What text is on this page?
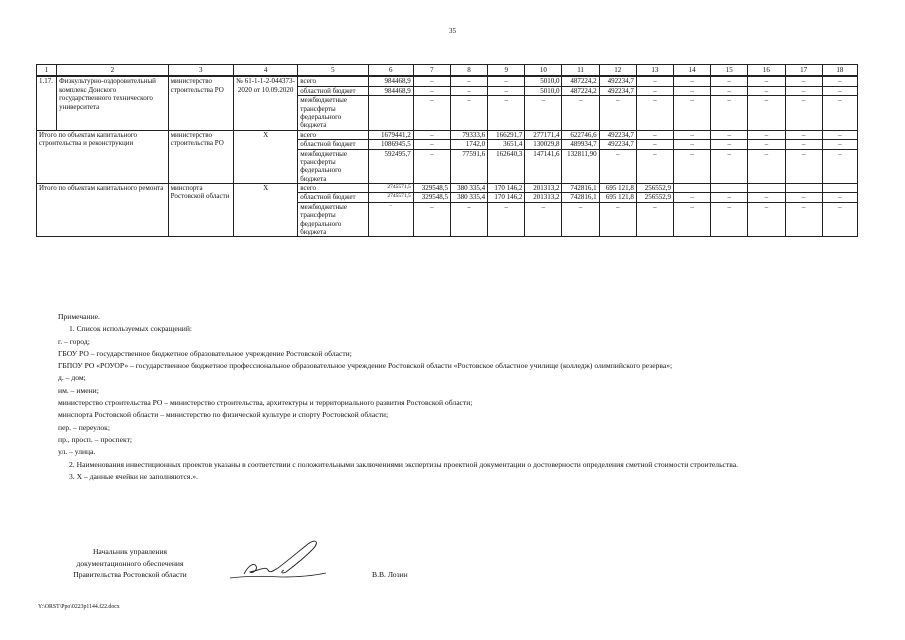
35
1	2	3	4	5	6	7	8	9	10	11	12	13	14	15	16	17	18
1.17.	Физкультурно-оздоровительный комплекс Донского государственного технического университета	министерство строительства РО	№ 61-1-1-2-044373-2020 от 10.09.2020	всего	984468,9	–	–	–	5010,0	487224,2	492234,7	–	–	–	–	–	–
				областной бюджет	984468,9	–	–	–	5010,0	487224,2	492234,7	–	–	–	–	–	–
				межбюджетные трансферты федерального бюджета		–	–	–	–	–	–	–	–	–	–	–	–
Итого по объектам капитального строительства и реконструкции		министерство строительства РО	X	всего	1679441,2	–	79333,6	166291,7	277171,4	622746,6	492234,7	–	–	–	–	–	–
				областной бюджет	1086945,5	–	1742,0	3651,4	130029,8	489934,7	492234,7	–	–	–	–	–	–
				межбюджетные трансферты федерального бюджета	592495,7	–	77591,6	162640,3	147141,6	132811,90	–	–	–	–	–	–	–
Итого по объектам капитального ремонта		минспорта Ростовской области	X	всего	2745571,5	329548,5	380 335,4	170 146,2	201313,2	742816,1	695 121,8	256552,9					
				областной бюджет	2745571,5	329548,5	380 335,4	170 146,2	201313,2	742816,1	695 121,8	256552,9	–	–	–	–	–
				межбюджетные трансферты федерального бюджета	–	–	–	–	–	–	–	–	–	–	–	–	–

Примечание.

1. Список используемых сокращений:

г. – город;

ГБОУ РО – государственное бюджетное образовательное учреждение Ростовской области;

ГБПОУ РО «РОУОР» – государственное бюджетное профессиональное образовательное учреждение Ростовской области «Ростовское областное училище (колледж) олимпийского резерва»;

д. – дом;

им. – имени;

министерство строительства РО – министерство строительства, архитектуры и территориального развития Ростовской области;

минспорта Ростовской области – министерство по физической культуре и спорту Ростовской области;

пер. – переулок;

пр., просп. – проспект;

ул. – улица.

2. Наименования инвестиционных проектов указаны в соответствии с положительными заключениями экспертизы проектной документации о достоверности определения сметной стоимости строительства.

3. X – данные ячейки не заполняются.».

Начальник управления
документационного обеспечения
Правительства Ростовской области	В.В. Лозин
Y:\ORST\Ppo\0223p1144.f22.docx
